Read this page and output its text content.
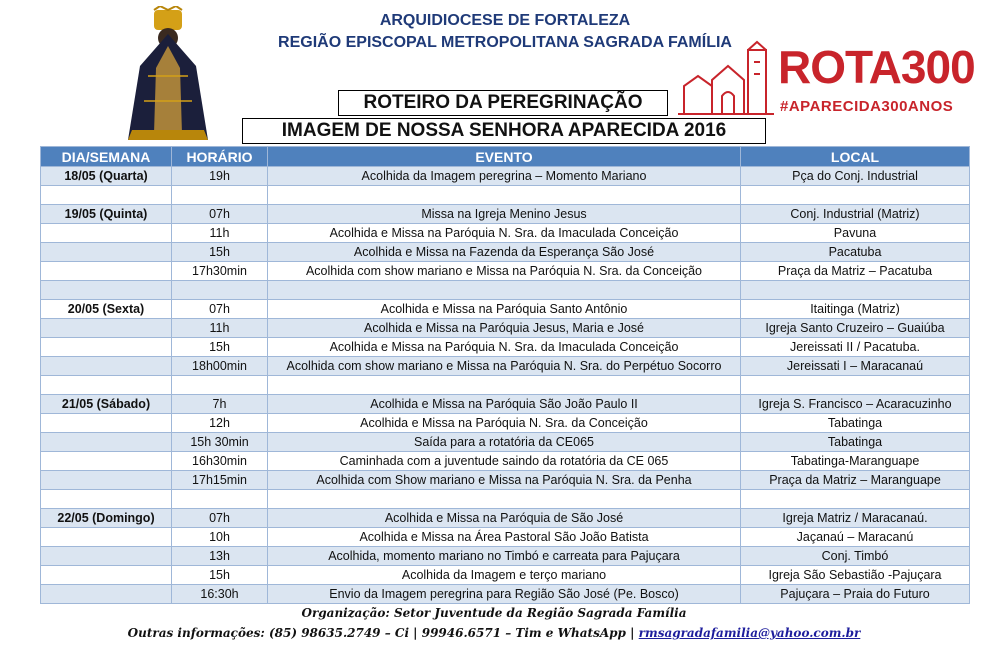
ARQUIDIOCESE DE FORTALEZA
REGIÃO EPISCOPAL METROPOLITANA SAGRADA FAMÍLIA	ROTA300
#APARECIDA300ANOS
ROTEIRO DA PEREGRINAÇÃO
IMAGEM DE NOSSA SENHORA APARECIDA 2016
DIA/SEMANA	HORÁRIO	EVENTO	LOCAL
18/05 (Quarta)	19h	Acolhida da Imagem peregrina – Momento Mariano	Pça do Conj. Industrial

19/05 (Quinta)	07h	Missa na Igreja Menino Jesus	Conj. Industrial (Matriz)
	11h	Acolhida e Missa na Paróquia N. Sra. da Imaculada Conceição	Pavuna
	15h	Acolhida e Missa na Fazenda da Esperança São José	Pacatuba
	17h30min	Acolhida com show mariano e Missa na Paróquia N. Sra. da Conceição	Praça da Matriz – Pacatuba

20/05 (Sexta)	07h	Acolhida e Missa na Paróquia Santo Antônio	Itaitinga (Matriz)
	11h	Acolhida e Missa na Paróquia Jesus, Maria e José	Igreja Santo Cruzeiro – Guaiúba
	15h	Acolhida e Missa na Paróquia N. Sra. da Imaculada Conceição	Jereissati II / Pacatuba.
	18h00min	Acolhida com show mariano e Missa na Paróquia N. Sra. do Perpétuo Socorro	Jereissati I – Maracanaú

21/05 (Sábado)	7h	Acolhida e Missa na Paróquia São João Paulo II	Igreja S. Francisco – Acaracuzinho
	12h	Acolhida e Missa na Paróquia N. Sra. da Conceição	Tabatinga
	15h 30min	Saída para a rotatória da CE065	Tabatinga
	16h30min	Caminhada com a juventude saindo da rotatória da CE 065	Tabatinga-Maranguape
	17h15min	Acolhida com Show mariano e Missa na Paróquia N. Sra. da Penha	Praça da Matriz – Maranguape

22/05 (Domingo)	07h	Acolhida e Missa na Paróquia de São José	Igreja Matriz / Maracanaú.
	10h	Acolhida e Missa na Área Pastoral São João Batista	Jaçanaú – Maracanú
	13h	Acolhida, momento mariano no Timbó e carreata para Pajuçara	Conj. Timbó
	15h	Acolhida da Imagem e terço mariano	Igreja São Sebastião -Pajuçara
	16:30h	Envio da Imagem peregrina para Região São José (Pe. Bosco)	Pajuçara – Praia do Futuro
Organização: Setor Juventude da Região Sagrada Família
Outras informações: (85) 98635.2749 – Ci | 99946.6571 – Tim e WhatsApp | rmsagradafamilia@yahoo.com.br
